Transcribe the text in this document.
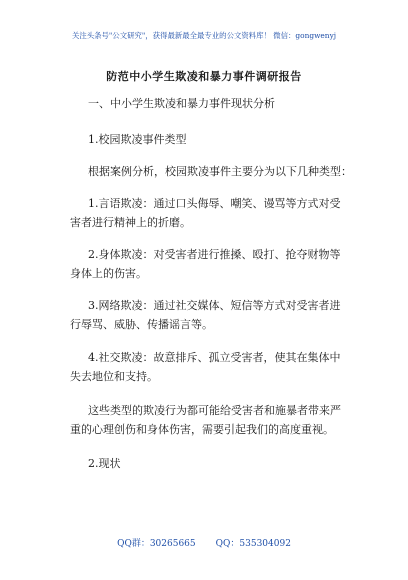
关注头条号"公文研究"，获得最新最全最专业的公文资料库！ 微信：gongwenyj
防范中小学生欺凌和暴力事件调研报告
一、中小学生欺凌和暴力事件现状分析
1.校园欺凌事件类型
根据案例分析，校园欺凌事件主要分为以下几种类型：
1.言语欺凌：通过口头侮辱、嘲笑、谩骂等方式对受
害者进行精神上的折磨。
2.身体欺凌：对受害者进行推搡、殴打、抢夺财物等
身体上的伤害。
3.网络欺凌：通过社交媒体、短信等方式对受害者进
行辱骂、威胁、传播谣言等。
4.社交欺凌：故意排斥、孤立受害者，使其在集体中
失去地位和支持。
这些类型的欺凌行为都可能给受害者和施暴者带来严
重的心理创伤和身体伤害，需要引起我们的高度重视。
2.现状
QQ群：30265665 QQ：535304092
